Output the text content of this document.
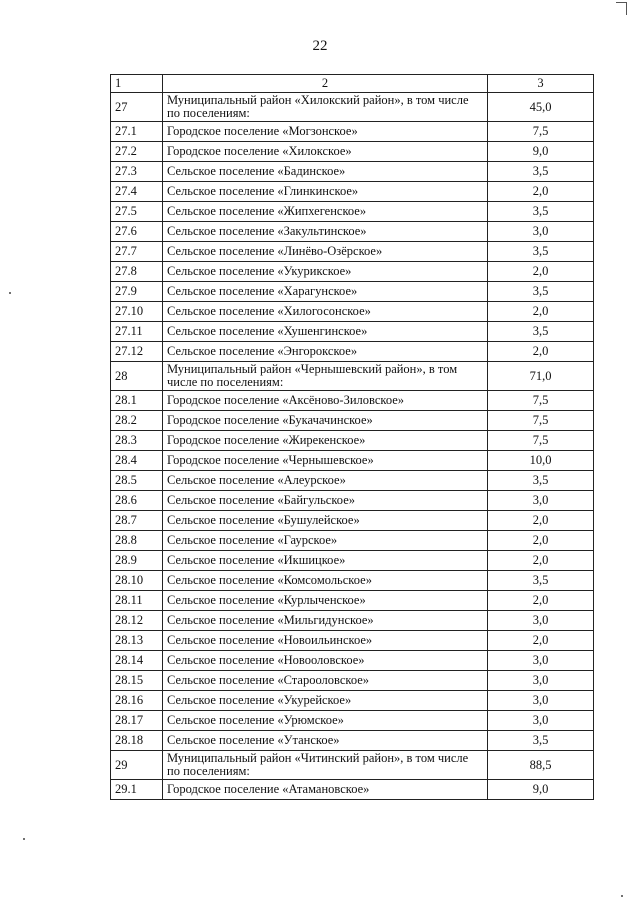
22
1	2	3
27	Муниципальный район «Хилокский район», в том числе по поселениям:	45,0
27.1	Городское поселение «Могзонское»	7,5
27.2	Городское поселение «Хилокское»	9,0
27.3	Сельское поселение «Бадинское»	3,5
27.4	Сельское поселение «Глинкинское»	2,0
27.5	Сельское поселение «Жипхегенское»	3,5
27.6	Сельское поселение «Закультинское»	3,0
27.7	Сельское поселение «Линёво-Озёрское»	3,5
27.8	Сельское поселение «Укурикское»	2,0
27.9	Сельское поселение «Харагунское»	3,5
27.10	Сельское поселение «Хилогосонское»	2,0
27.11	Сельское поселение «Хушенгинское»	3,5
27.12	Сельское поселение «Энгорокское»	2,0
28	Муниципальный район «Чернышевский район», в том числе по поселениям:	71,0
28.1	Городское поселение «Аксёново-Зиловское»	7,5
28.2	Городское поселение «Букачачинское»	7,5
28.3	Городское поселение «Жирекенское»	7,5
28.4	Городское поселение «Чернышевское»	10,0
28.5	Сельское поселение «Алеурское»	3,5
28.6	Сельское поселение «Байгульское»	3,0
28.7	Сельское поселение «Бушулейское»	2,0
28.8	Сельское поселение «Гаурское»	2,0
28.9	Сельское поселение «Икшицкое»	2,0
28.10	Сельское поселение «Комсомольское»	3,5
28.11	Сельское поселение «Курлыченское»	2,0
28.12	Сельское поселение «Мильгидунское»	3,0
28.13	Сельское поселение «Новоильинское»	2,0
28.14	Сельское поселение «Новооловское»	3,0
28.15	Сельское поселение «Старооловское»	3,0
28.16	Сельское поселение «Укурейское»	3,0
28.17	Сельское поселение «Урюмское»	3,0
28.18	Сельское поселение «Утанское»	3,5
29	Муниципальный район «Читинский район», в том числе по поселениям:	88,5
29.1	Городское поселение «Атамановское»	9,0
